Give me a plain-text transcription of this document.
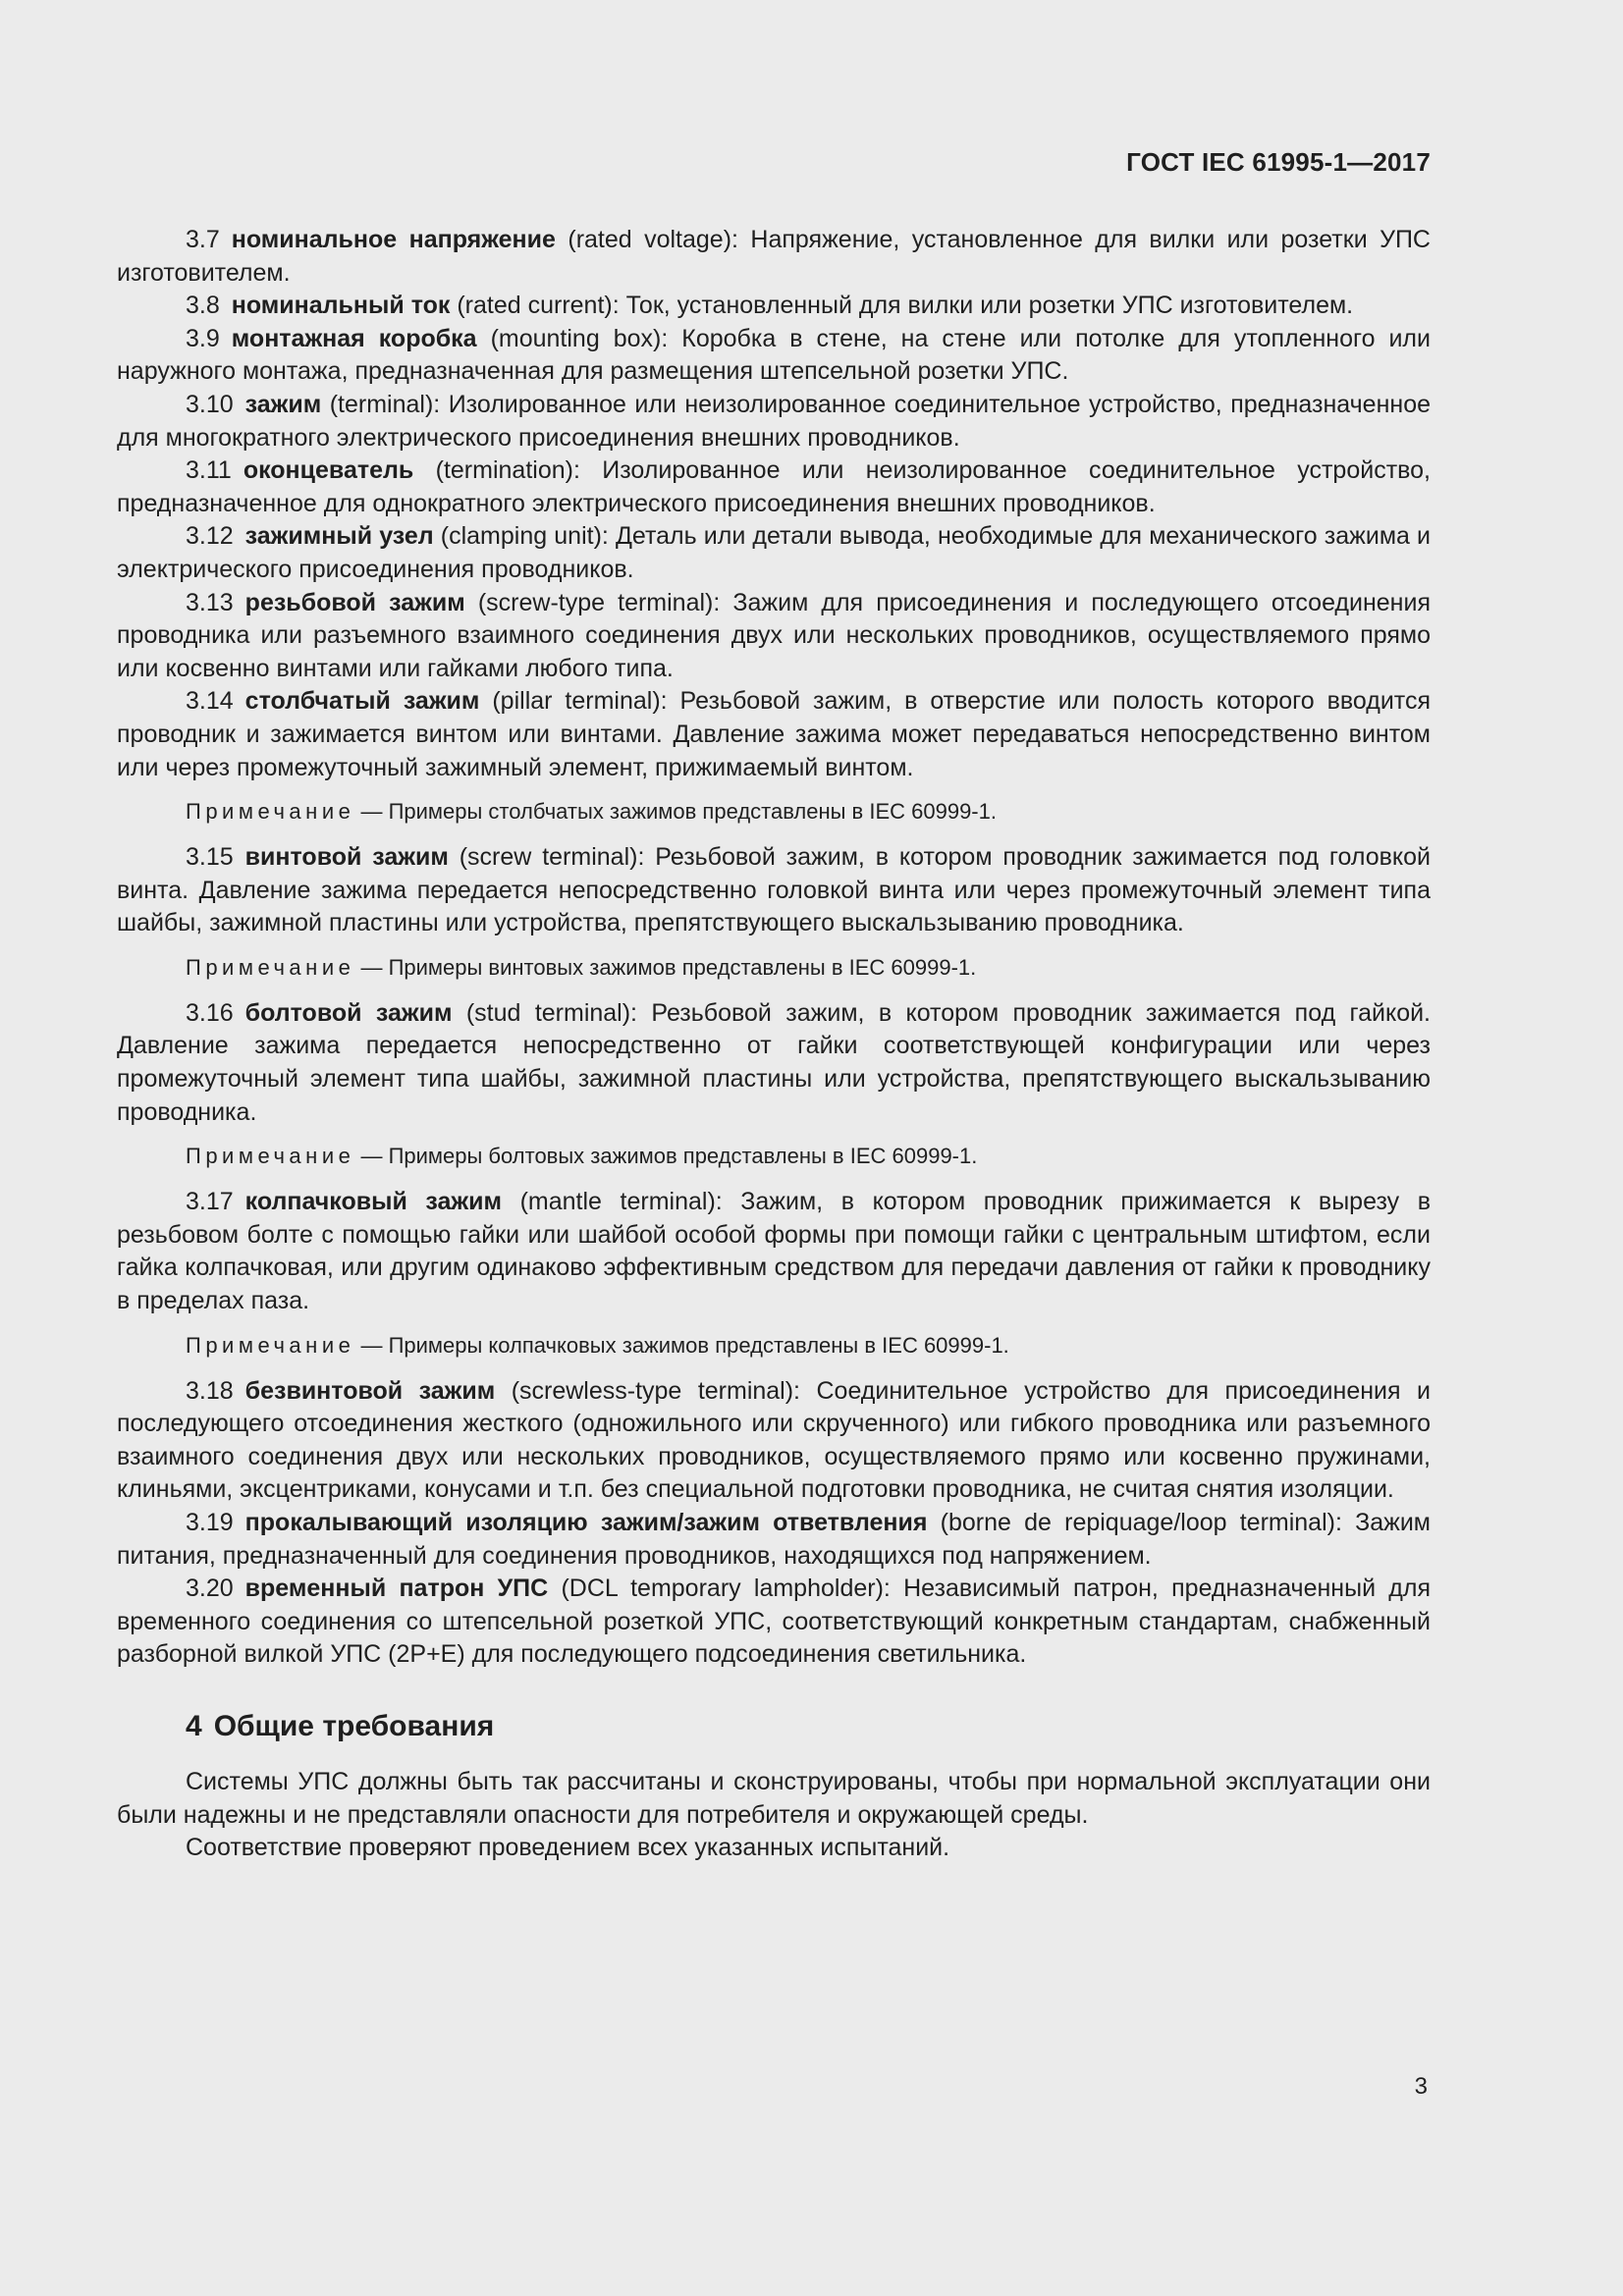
ГОСТ IEC 61995-1—2017

3.7 номинальное напряжение (rated voltage): Напряжение, установленное для вилки или розетки УПС изготовителем.

3.8 номинальный ток (rated current): Ток, установленный для вилки или розетки УПС изготовителем.

3.9 монтажная коробка (mounting box): Коробка в стене, на стене или потолке для утопленного или наружного монтажа, предназначенная для размещения штепсельной розетки УПС.

3.10 зажим (terminal): Изолированное или неизолированное соединительное устройство, предназначенное для многократного электрического присоединения внешних проводников.

3.11 оконцеватель (termination): Изолированное или неизолированное соединительное устройство, предназначенное для однократного электрического присоединения внешних проводников.

3.12 зажимный узел (clamping unit): Деталь или детали вывода, необходимые для механического зажима и электрического присоединения проводников.

3.13 резьбовой зажим (screw-type terminal): Зажим для присоединения и последующего отсоединения проводника или разъемного взаимного соединения двух или нескольких проводников, осуществляемого прямо или косвенно винтами или гайками любого типа.

3.14 столбчатый зажим (pillar terminal): Резьбовой зажим, в отверстие или полость которого вводится проводник и зажимается винтом или винтами. Давление зажима может передаваться непосредственно винтом или через промежуточный зажимный элемент, прижимаемый винтом.

Примечание — Примеры столбчатых зажимов представлены в IEC 60999-1.

3.15 винтовой зажим (screw terminal): Резьбовой зажим, в котором проводник зажимается под головкой винта. Давление зажима передается непосредственно головкой винта или через промежуточный элемент типа шайбы, зажимной пластины или устройства, препятствующего выскальзыванию проводника.

Примечание — Примеры винтовых зажимов представлены в IEC 60999-1.

3.16 болтовой зажим (stud terminal): Резьбовой зажим, в котором проводник зажимается под гайкой. Давление зажима передается непосредственно от гайки соответствующей конфигурации или через промежуточный элемент типа шайбы, зажимной пластины или устройства, препятствующего выскальзыванию проводника.

Примечание — Примеры болтовых зажимов представлены в IEC 60999-1.

3.17 колпачковый зажим (mantle terminal): Зажим, в котором проводник прижимается к вырезу в резьбовом болте с помощью гайки или шайбой особой формы при помощи гайки с центральным штифтом, если гайка колпачковая, или другим одинаково эффективным средством для передачи давления от гайки к проводнику в пределах паза.

Примечание — Примеры колпачковых зажимов представлены в IEC 60999-1.

3.18 безвинтовой зажим (screwless-type terminal): Соединительное устройство для присоединения и последующего отсоединения жесткого (одножильного или скрученного) или гибкого проводника или разъемного взаимного соединения двух или нескольких проводников, осуществляемого прямо или косвенно пружинами, клиньями, эксцентриками, конусами и т.п. без специальной подготовки проводника, не считая снятия изоляции.

3.19 прокалывающий изоляцию зажим/зажим ответвления (borne de repiquage/loop terminal): Зажим питания, предназначенный для соединения проводников, находящихся под напряжением.

3.20 временный патрон УПС (DCL temporary lampholder): Независимый патрон, предназначенный для временного соединения со штепсельной розеткой УПС, соответствующий конкретным стандартам, снабженный разборной вилкой УПС (2Р+Е) для последующего подсоединения светильника.

4 Общие требования

Системы УПС должны быть так рассчитаны и сконструированы, чтобы при нормальной эксплуатации они были надежны и не представляли опасности для потребителя и окружающей среды.

Соответствие проверяют проведением всех указанных испытаний.

3
